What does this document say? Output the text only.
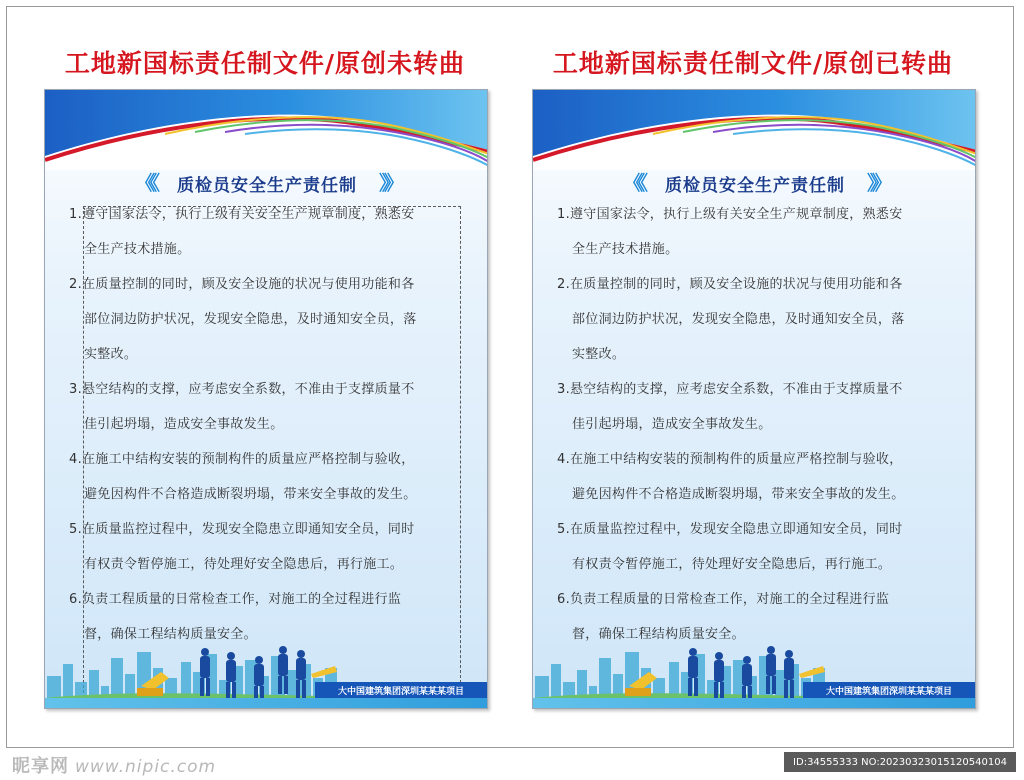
工地新国标责任制文件/原创未转曲	工地新国标责任制文件/原创已转曲
《《 质检员安全生产责任制 》》
1.遵守国家法令，执行上级有关安全生产规章制度，熟悉安
全生产技术措施。
2.在质量控制的同时，顾及安全设施的状况与使用功能和各
部位洞边防护状况，发现安全隐患，及时通知安全员，落
实整改。
3.悬空结构的支撑，应考虑安全系数，不准由于支撑质量不
佳引起坍塌，造成安全事故发生。
4.在施工中结构安装的预制构件的质量应严格控制与验收，
避免因构件不合格造成断裂坍塌，带来安全事故的发生。
5.在质量监控过程中，发现安全隐患立即通知安全员，同时
有权责令暂停施工，待处理好安全隐患后，再行施工。
6.负责工程质量的日常检查工作，对施工的全过程进行监
督，确保工程结构质量安全。
大中国建筑集团深圳某某某项目
《《 质检员安全生产责任制 》》
1.遵守国家法令，执行上级有关安全生产规章制度，熟悉安
全生产技术措施。
2.在质量控制的同时，顾及安全设施的状况与使用功能和各
部位洞边防护状况，发现安全隐患，及时通知安全员，落
实整改。
3.悬空结构的支撑，应考虑安全系数，不准由于支撑质量不
佳引起坍塌，造成安全事故发生。
4.在施工中结构安装的预制构件的质量应严格控制与验收，
避免因构件不合格造成断裂坍塌，带来安全事故的发生。
5.在质量监控过程中，发现安全隐患立即通知安全员，同时
有权责令暂停施工，待处理好安全隐患后，再行施工。
6.负责工程质量的日常检查工作，对施工的全过程进行监
督，确保工程结构质量安全。
大中国建筑集团深圳某某某项目
昵享网 www.nipic.com	ID:34555333 NO:20230323015120540104
